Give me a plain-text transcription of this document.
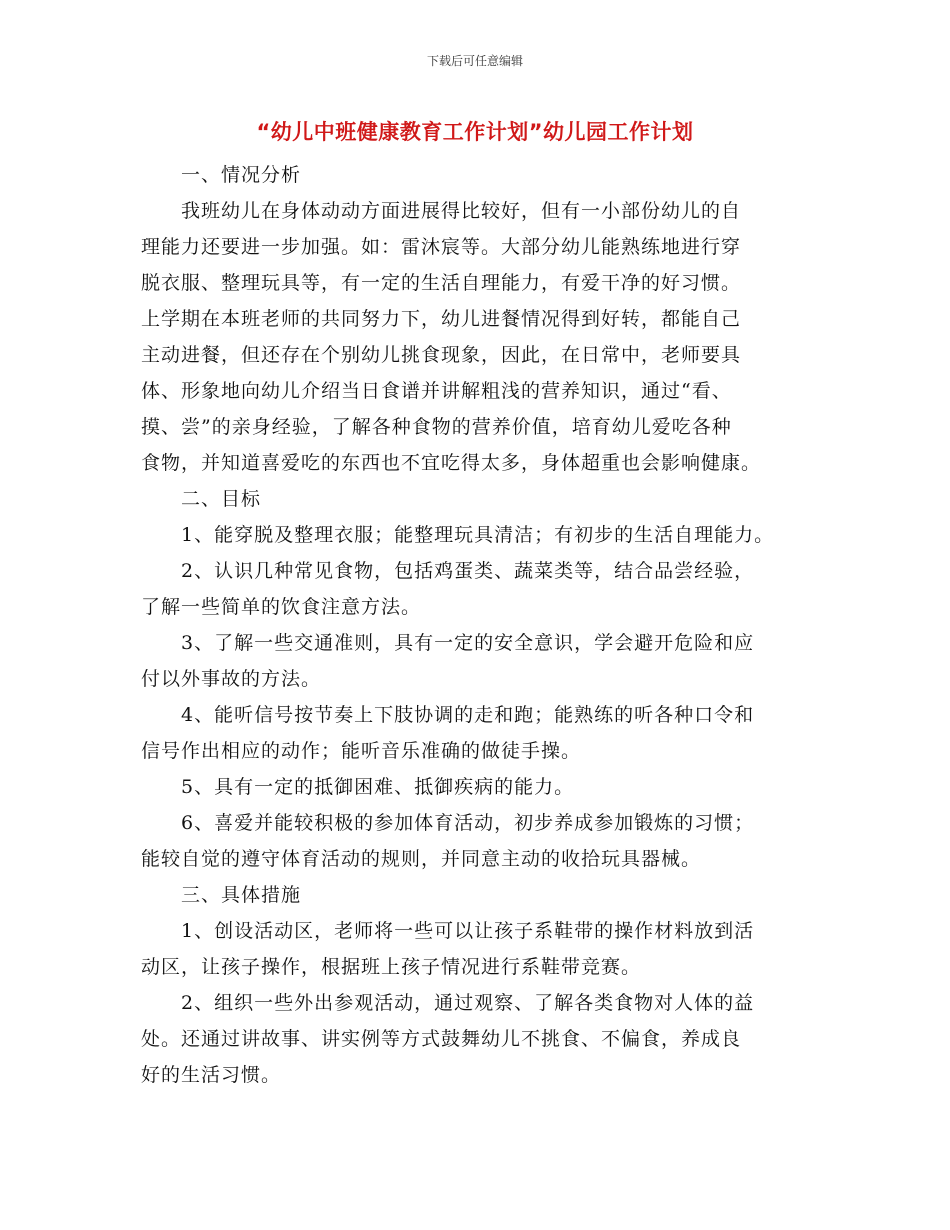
下载后可任意编辑
“幼儿中班健康教育工作计划”幼儿园工作计划
　　一、情况分析
　　我班幼儿在身体动动方面进展得比较好，但有一小部份幼儿的自
理能力还要进一步加强。如：雷沐宸等。大部分幼儿能熟练地进行穿
脱衣服、整理玩具等，有一定的生活自理能力，有爱干净的好习惯。
上学期在本班老师的共同努力下，幼儿进餐情况得到好转，都能自己
主动进餐，但还存在个别幼儿挑食现象，因此，在日常中，老师要具
体、形象地向幼儿介绍当日食谱并讲解粗浅的营养知识，通过“看、
摸、尝”的亲身经验，了解各种食物的营养价值，培育幼儿爱吃各种
食物，并知道喜爱吃的东西也不宜吃得太多，身体超重也会影响健康。
　　二、目标
　　1、能穿脱及整理衣服；能整理玩具清洁；有初步的生活自理能力。
　　2、认识几种常见食物，包括鸡蛋类、蔬菜类等，结合品尝经验，
了解一些简单的饮食注意方法。
　　3、了解一些交通准则，具有一定的安全意识，学会避开危险和应
付以外事故的方法。
　　4、能听信号按节奏上下肢协调的走和跑；能熟练的听各种口令和
信号作出相应的动作；能听音乐准确的做徒手操。
　　5、具有一定的抵御困难、抵御疾病的能力。
　　6、喜爱并能较积极的参加体育活动，初步养成参加锻炼的习惯；
能较自觉的遵守体育活动的规则，并同意主动的收拾玩具器械。
　　三、具体措施
　　1、创设活动区，老师将一些可以让孩子系鞋带的操作材料放到活
动区，让孩子操作，根据班上孩子情况进行系鞋带竞赛。
　　2、组织一些外出参观活动，通过观察、了解各类食物对人体的益
处。还通过讲故事、讲实例等方式鼓舞幼儿不挑食、不偏食，养成良
好的生活习惯。
